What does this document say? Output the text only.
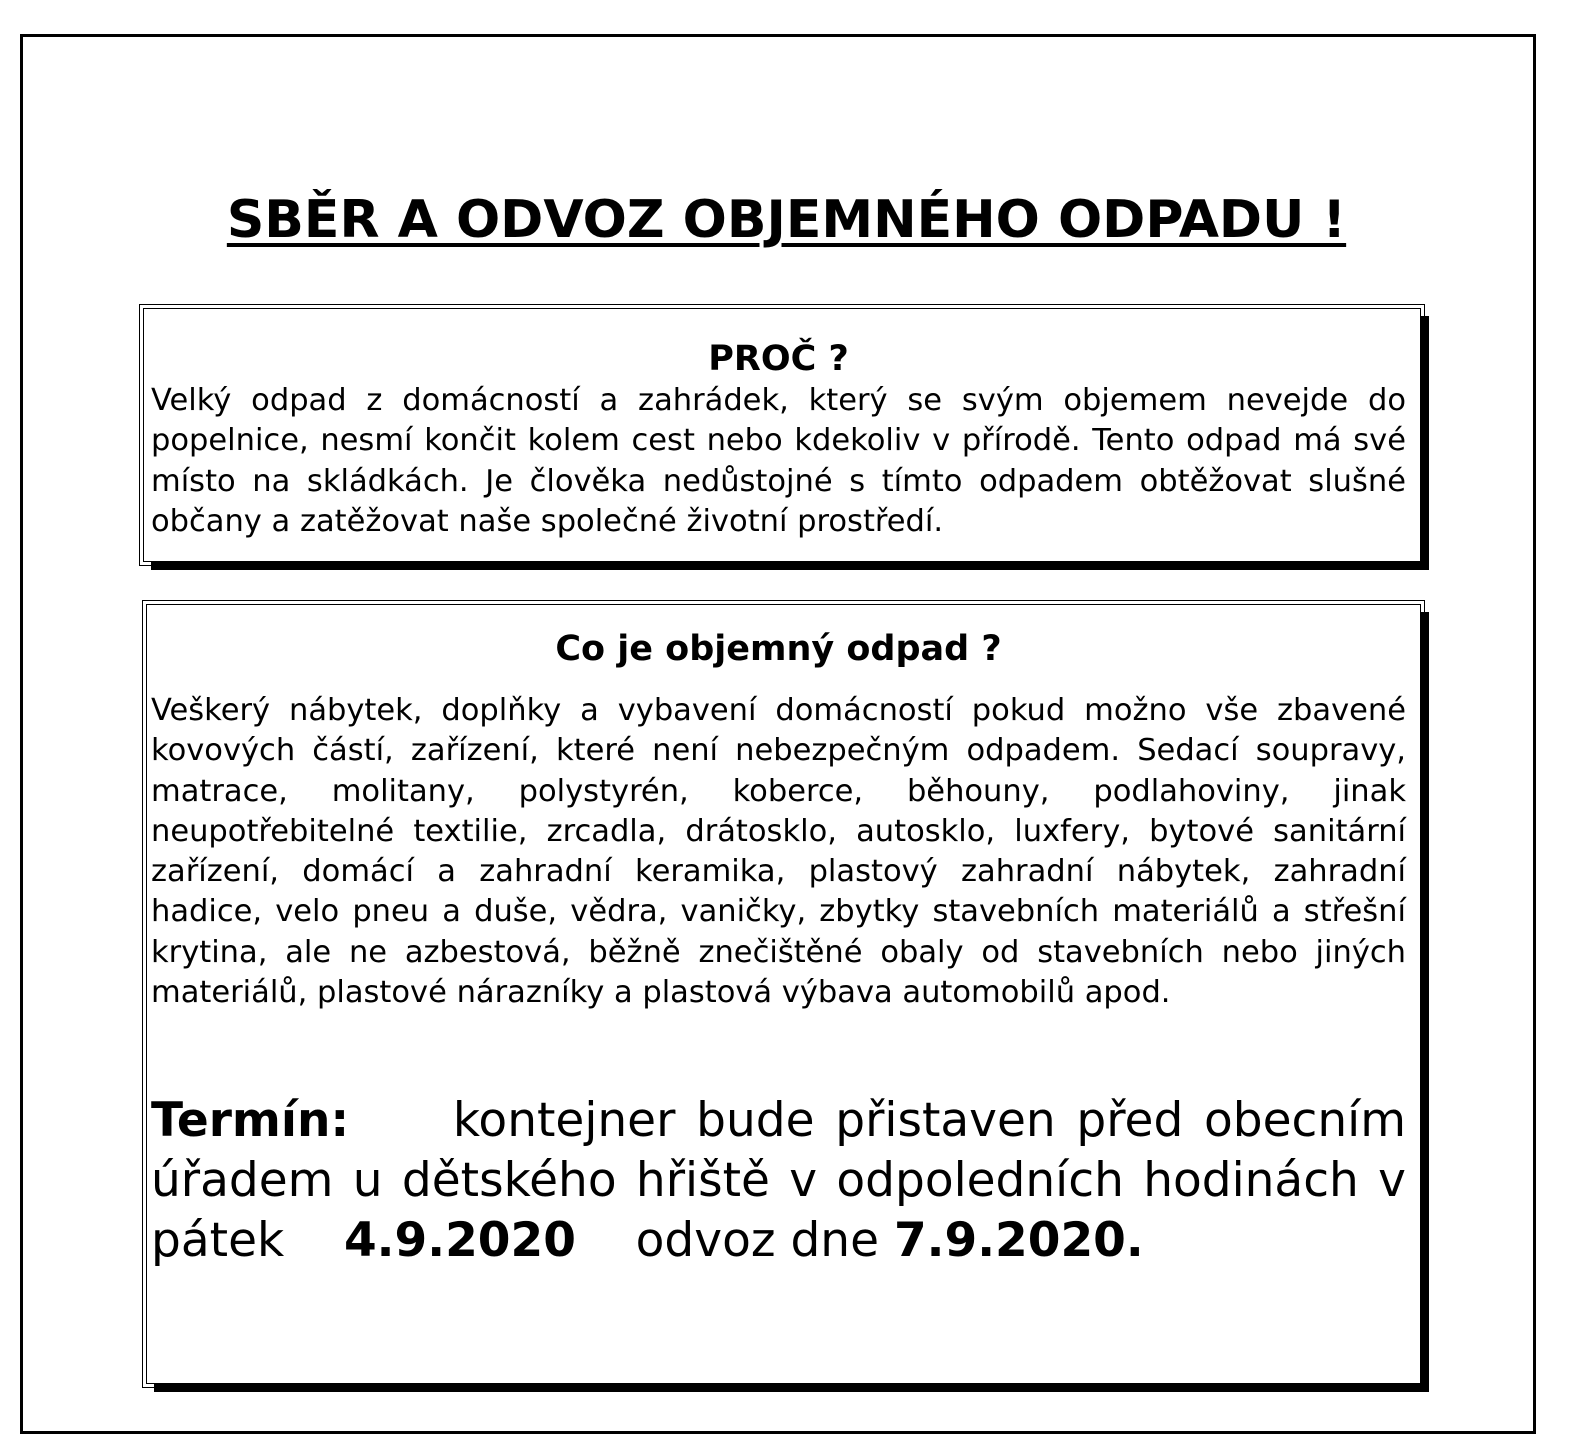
SBĚR A ODVOZ OBJEMNÉHO ODPADU !
PROČ ?

Velký odpad z domácností a zahrádek, který se svým objemem nevejde do popelnice, nesmí končit kolem cest nebo kdekoliv v přírodě. Tento odpad má své místo na skládkách. Je člověka nedůstojné s tímto odpadem obtěžovat slušné občany a zatěžovat naše společné životní prostředí.

Co je objemný odpad ?

Veškerý nábytek, doplňky a vybavení domácností pokud možno vše zbavené kovových částí, zařízení, které není nebezpečným odpadem. Sedací soupravy, matrace, molitany, polystyrén, koberce, běhouny, podlahoviny, jinak neupotřebitelné textilie, zrcadla, drátosklo, autosklo, luxfery, bytové sanitární zařízení, domácí a zahradní keramika, plastový zahradní nábytek, zahradní hadice, velo pneu a duše, vědra, vaničky, zbytky stavebních materiálů a střešní krytina, ale ne azbestová, běžně znečištěné obaly od stavebních nebo jiných materiálů, plastové nárazníky a plastová výbava automobilů apod.

Termín: kontejner bude přistaven před obecním úřadem u dětského hřiště v odpoledních hodinách v pátek 4.9.2020 odvoz dne 7.9.2020.
